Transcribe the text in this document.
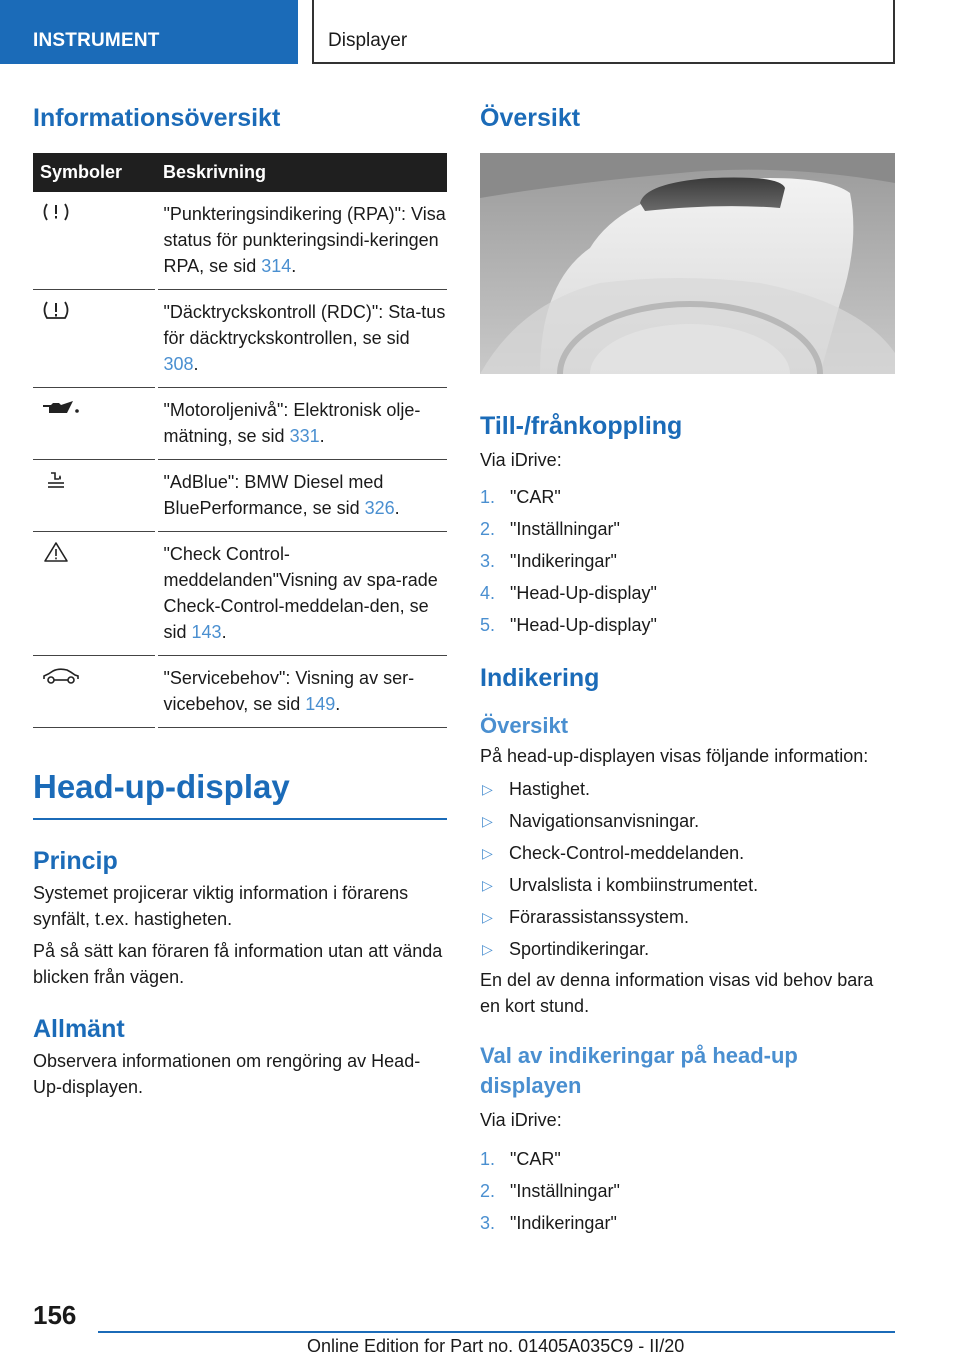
INSTRUMENT	Displayer
Informationsöversikt
Symboler	Beskrivning
	"Punkteringsindikering (RPA)": Visa status för punkteringsindi-keringen RPA, se sid 314.
	"Däcktryckskontroll (RDC)": Sta-tus för däcktryckskontrollen, se sid 308.
	"Motoroljenivå": Elektronisk olje-mätning, se sid 331.
	"AdBlue": BMW Diesel med BluePerformance, se sid 326.
	"Check Control-meddelanden"Visning av spa-rade Check-Control-meddelan-den, se sid 143.
	"Servicebehov": Visning av ser-vicebehov, se sid 149.
Head-up-display
Princip

Systemet projicerar viktig information i förarens synfält, t.ex. hastigheten.

På så sätt kan föraren få information utan att vända blicken från vägen.

Allmänt

Observera informationen om rengöring av Head-Up-displayen.

Översikt
Till-/frånkoppling

Via iDrive:

1. "CAR"
2. "Inställningar"
3. "Indikeringar"
4. "Head-Up-display"
5. "Head-Up-display"
Indikering
Översikt

På head-up-displayen visas följande information:

▷ Hastighet.
▷ Navigationsanvisningar.
▷ Check-Control-meddelanden.
▷ Urvalslista i kombiinstrumentet.
▷ Förarassistanssystem.
▷ Sportindikeringar.

En del av denna information visas vid behov bara en kort stund.

Val av indikeringar på head-up displayen

Via iDrive:

1. "CAR"
2. "Inställningar"
3. "Indikeringar"
156
Online Edition for Part no. 01405A035C9 - II/20
